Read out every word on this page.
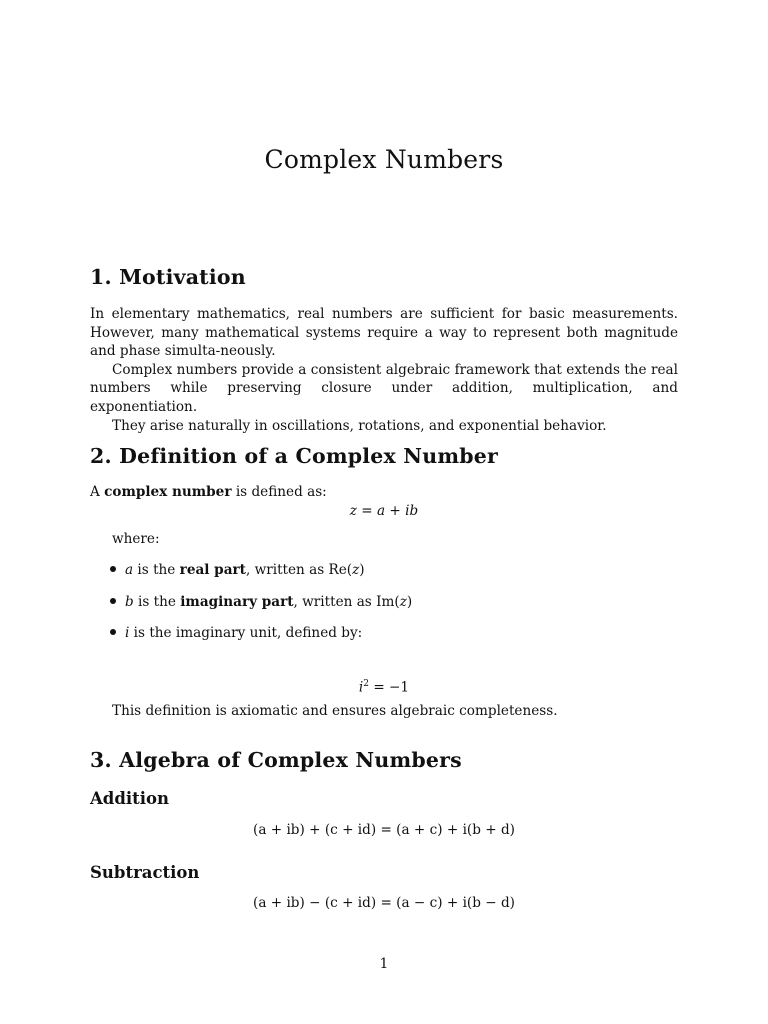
Complex Numbers
1. Motivation
In elementary mathematics, real numbers are sufficient for basic measurements. However, many mathematical systems require a way to represent both magnitude and phase simulta-neously.
Complex numbers provide a consistent algebraic framework that extends the real numbers while preserving closure under addition, multiplication, and exponentiation.
They arise naturally in oscillations, rotations, and exponential behavior.
2. Definition of a Complex Number
A complex number is defined as:
z = a + ib
where:
a is the real part, written as Re(z)
b is the imaginary part, written as Im(z)
i is the imaginary unit, defined by:
$i^2 = -1$
This definition is axiomatic and ensures algebraic completeness.
3. Algebra of Complex Numbers
Addition
(a + ib) + (c + id) = (a + c) + i(b + d)
Subtraction
(a + ib) − (c + id) = (a − c) + i(b − d)
1
